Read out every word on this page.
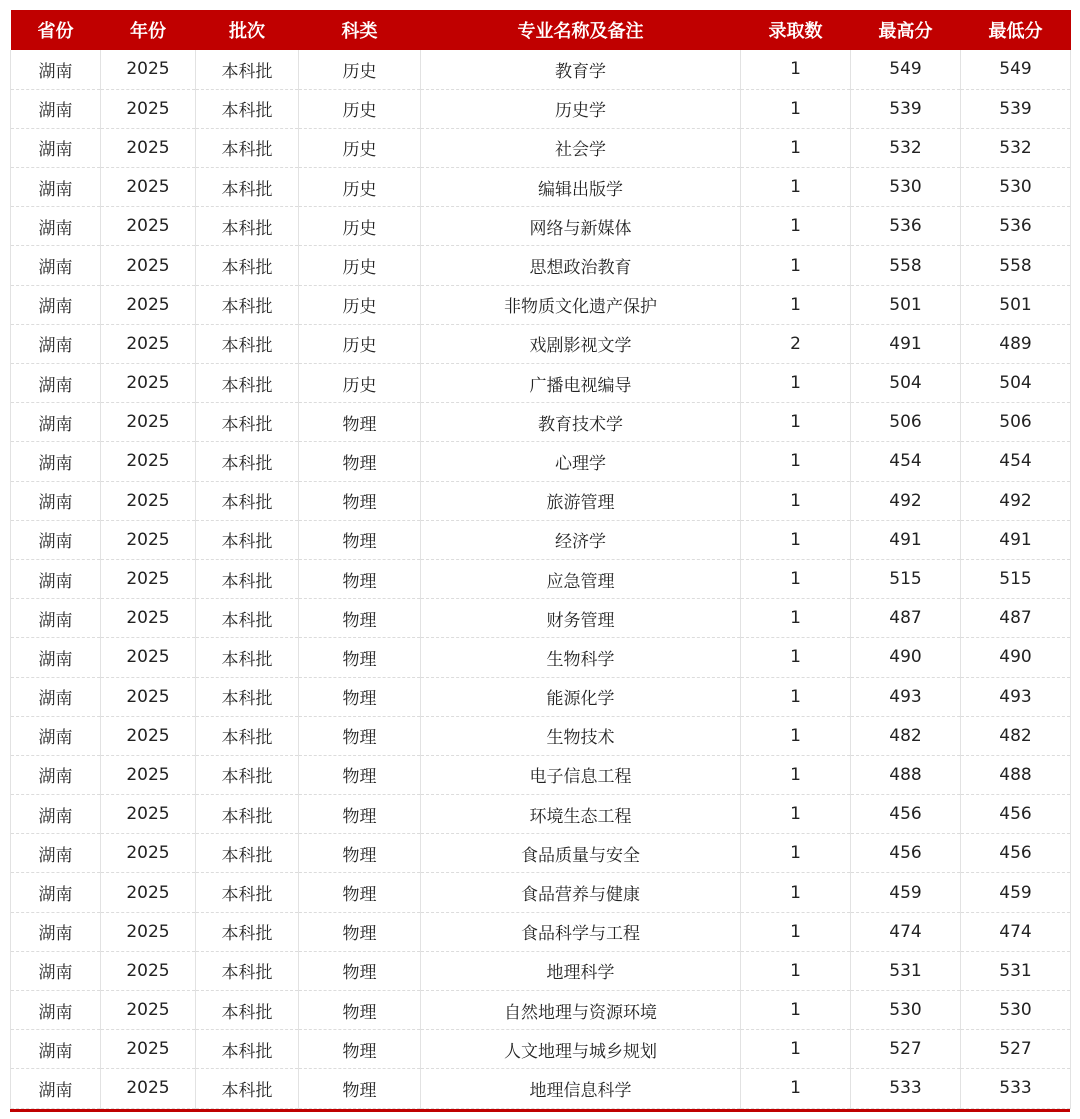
省份	年份	批次	科类	专业名称及备注	录取数	最高分	最低分
湖南	2025	本科批	历史	教育学	1	549	549
湖南	2025	本科批	历史	历史学	1	539	539
湖南	2025	本科批	历史	社会学	1	532	532
湖南	2025	本科批	历史	编辑出版学	1	530	530
湖南	2025	本科批	历史	网络与新媒体	1	536	536
湖南	2025	本科批	历史	思想政治教育	1	558	558
湖南	2025	本科批	历史	非物质文化遗产保护	1	501	501
湖南	2025	本科批	历史	戏剧影视文学	2	491	489
湖南	2025	本科批	历史	广播电视编导	1	504	504
湖南	2025	本科批	物理	教育技术学	1	506	506
湖南	2025	本科批	物理	心理学	1	454	454
湖南	2025	本科批	物理	旅游管理	1	492	492
湖南	2025	本科批	物理	经济学	1	491	491
湖南	2025	本科批	物理	应急管理	1	515	515
湖南	2025	本科批	物理	财务管理	1	487	487
湖南	2025	本科批	物理	生物科学	1	490	490
湖南	2025	本科批	物理	能源化学	1	493	493
湖南	2025	本科批	物理	生物技术	1	482	482
湖南	2025	本科批	物理	电子信息工程	1	488	488
湖南	2025	本科批	物理	环境生态工程	1	456	456
湖南	2025	本科批	物理	食品质量与安全	1	456	456
湖南	2025	本科批	物理	食品营养与健康	1	459	459
湖南	2025	本科批	物理	食品科学与工程	1	474	474
湖南	2025	本科批	物理	地理科学	1	531	531
湖南	2025	本科批	物理	自然地理与资源环境	1	530	530
湖南	2025	本科批	物理	人文地理与城乡规划	1	527	527
湖南	2025	本科批	物理	地理信息科学	1	533	533
